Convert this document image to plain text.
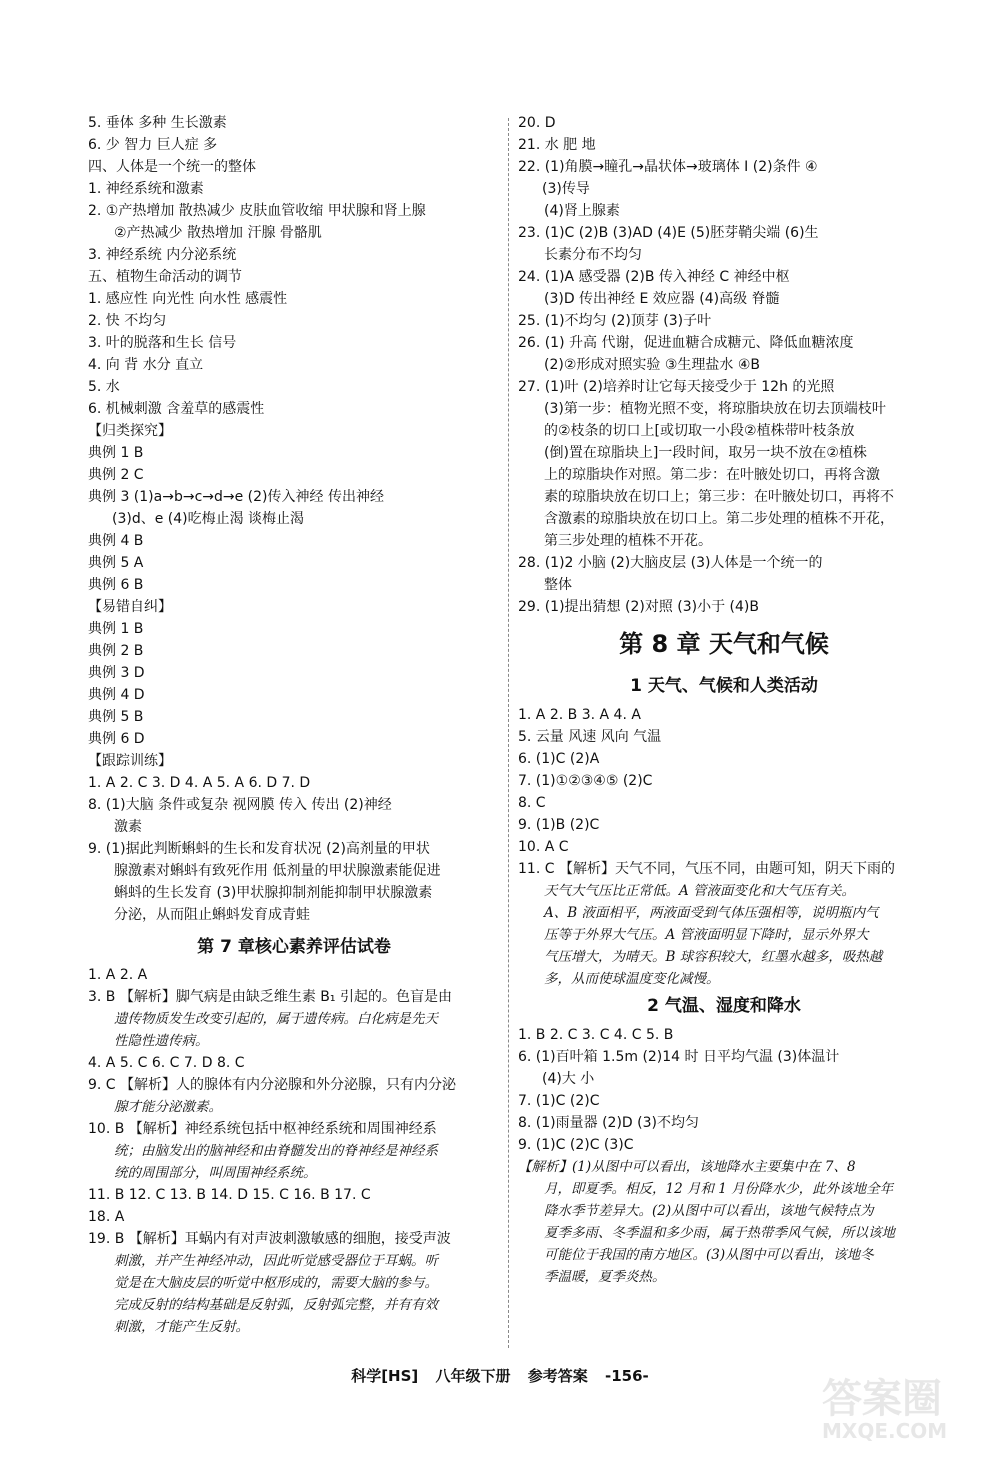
5. 垂体 多种 生长激素
6. 少 智力 巨人症 多
四、人体是一个统一的整体
1. 神经系统和激素
2. ①产热增加 散热减少 皮肤血管收缩 甲状腺和肾上腺
②产热减少 散热增加 汗腺 骨骼肌
3. 神经系统 内分泌系统
五、植物生命活动的调节
1. 感应性 向光性 向水性 感震性
2. 快 不均匀
3. 叶的脱落和生长 信号
4. 向 背 水分 直立
5. 水
6. 机械刺激 含羞草的感震性
【归类探究】
典例 1 B
典例 2 C
典例 3 (1)a→b→c→d→e (2)传入神经 传出神经
(3)d、e (4)吃梅止渴 谈梅止渴
典例 4 B
典例 5 A
典例 6 B
【易错自纠】
典例 1 B
典例 2 B
典例 3 D
典例 4 D
典例 5 B
典例 6 D
【跟踪训练】
1. A 2. C 3. D 4. A 5. A 6. D 7. D
8. (1)大脑 条件或复杂 视网膜 传入 传出 (2)神经
激素
9. (1)据此判断蝌蚪的生长和发育状况 (2)高剂量的甲状
腺激素对蝌蚪有致死作用 低剂量的甲状腺激素能促进
蝌蚪的生长发育 (3)甲状腺抑制剂能抑制甲状腺激素
分泌，从而阻止蝌蚪发育成青蛙
第 7 章核心素养评估试卷
1. A 2. A
3. B 【解析】脚气病是由缺乏维生素 B₁ 引起的。色盲是由
遗传物质发生改变引起的，属于遗传病。白化病是先天
性隐性遗传病。
4. A 5. C 6. C 7. D 8. C
9. C 【解析】人的腺体有内分泌腺和外分泌腺，只有内分泌
腺才能分泌激素。
10. B 【解析】神经系统包括中枢神经系统和周围神经系
统；由脑发出的脑神经和由脊髓发出的脊神经是神经系
统的周围部分，叫周围神经系统。
11. B 12. C 13. B 14. D 15. C 16. B 17. C
18. A
19. B 【解析】耳蜗内有对声波刺激敏感的细胞，接受声波
刺激，并产生神经冲动，因此听觉感受器位于耳蜗。听
觉是在大脑皮层的听觉中枢形成的，需要大脑的参与。
完成反射的结构基础是反射弧，反射弧完整，并有有效
刺激，才能产生反射。
20. D
21. 水 肥 地
22. (1)角膜→瞳孔→晶状体→玻璃体 Ⅰ (2)条件 ④
(3)传导
(4)肾上腺素
23. (1)C (2)B (3)AD (4)E (5)胚芽鞘尖端 (6)生
长素分布不均匀
24. (1)A 感受器 (2)B 传入神经 C 神经中枢
(3)D 传出神经 E 效应器 (4)高级 脊髓
25. (1)不均匀 (2)顶芽 (3)子叶
26. (1) 升高 代谢，促进血糖合成糖元、降低血糖浓度
(2)②形成对照实验 ③生理盐水 ④B
27. (1)叶 (2)培养时让它每天接受少于 12h 的光照
(3)第一步：植物光照不变，将琼脂块放在切去顶端枝叶
的②枝条的切口上[或切取一小段②植株带叶枝条放
(倒)置在琼脂块上]一段时间，取另一块不放在②植株
上的琼脂块作对照。第二步：在叶腋处切口，再将含激
素的琼脂块放在切口上；第三步：在叶腋处切口，再将不
含激素的琼脂块放在切口上。第二步处理的植株不开花，
第三步处理的植株不开花。
28. (1)2 小脑 (2)大脑皮层 (3)人体是一个统一的
整体
29. (1)提出猜想 (2)对照 (3)小于 (4)B
第 8 章 天气和气候
1 天气、气候和人类活动
1. A 2. B 3. A 4. A
5. 云量 风速 风向 气温
6. (1)C (2)A
7. (1)①②③④⑤ (2)C
8. C
9. (1)B (2)C
10. A C
11. C 【解析】天气不同，气压不同，由题可知，阴天下雨的
天气大气压比正常低。A 管液面变化和大气压有关。
A、B 液面相平，两液面受到气体压强相等，说明瓶内气
压等于外界大气压。A 管液面明显下降时，显示外界大
气压增大，为晴天。B 球容积较大，红墨水越多，吸热越
多，从而使球温度变化减慢。
2 气温、湿度和降水
1. B 2. C 3. C 4. C 5. B
6. (1)百叶箱 1.5m (2)14 时 日平均气温 (3)体温计
(4)大 小
7. (1)C (2)C
8. (1)雨量器 (2)D (3)不均匀
9. (1)C (2)C (3)C
【解析】(1)从图中可以看出，该地降水主要集中在 7、8
月，即夏季。相反，12 月和 1 月份降水少，此外该地全年
降水季节差异大。(2)从图中可以看出，该地气候特点为
夏季多雨、冬季温和多少雨，属于热带季风气候，所以该地
可能位于我国的南方地区。(3)从图中可以看出，该地冬
季温暖，夏季炎热。
科学[HS] 八年级下册 参考答案 -156-	答案圈
MXQE.COM
